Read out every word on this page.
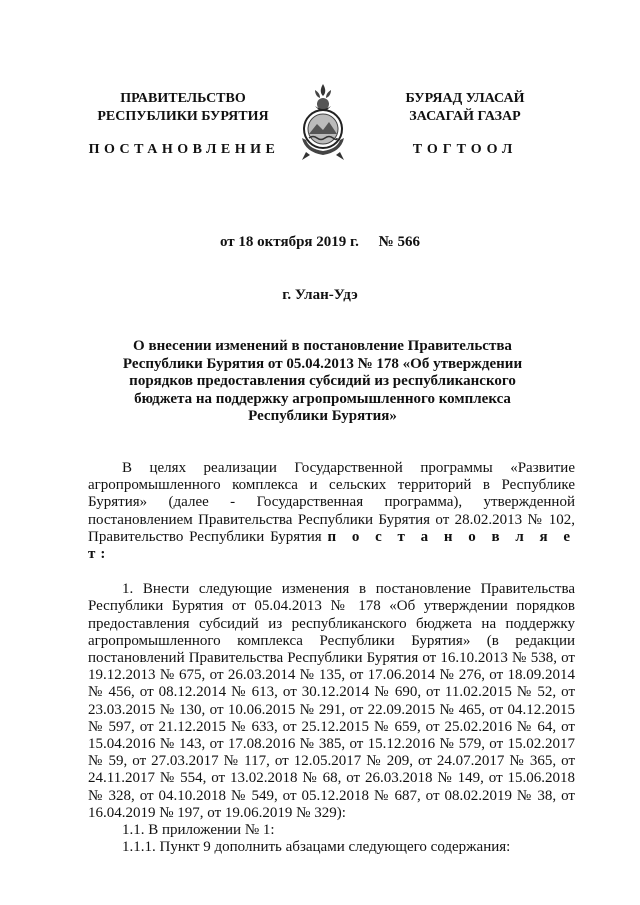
ПРАВИТЕЛЬСТВО
РЕСПУБЛИКИ БУРЯТИЯ
БУРЯАД УЛАСАЙ
ЗАСАГАЙ ГАЗАР
ПОСТАНОВЛЕНИЕ	ТОГТООЛ
от 18 октября 2019 г. № 566
г. Улан-Удэ
О внесении изменений в постановление Правительства Республики Бурятия от 05.04.2013 № 178 «Об утверждении порядков предоставления субсидий из республиканского бюджета на поддержку агропромышленного комплекса Республики Бурятия»

В целях реализации Государственной программы «Развитие агропромышленного комплекса и сельских территорий в Республике Бурятия» (далее - Государственная программа), утвержденной постановлением Правительства Республики Бурятия от 28.02.2013 № 102, Правительство Республики Бурятия п о с т а н о в л я е т:

1. Внести следующие изменения в постановление Правительства Республики Бурятия от 05.04.2013 № 178 «Об утверждении порядков предоставления субсидий из республиканского бюджета на поддержку агропромышленного комплекса Республики Бурятия» (в редакции постановлений Правительства Республики Бурятия от 16.10.2013 № 538, от 19.12.2013 № 675, от 26.03.2014 № 135, от 17.06.2014 № 276, от 18.09.2014 № 456, от 08.12.2014 № 613, от 30.12.2014 № 690, от 11.02.2015 № 52, от 23.03.2015 № 130, от 10.06.2015 № 291, от 22.09.2015 № 465, от 04.12.2015 № 597, от 21.12.2015 № 633, от 25.12.2015 № 659, от 25.02.2016 № 64, от 15.04.2016 № 143, от 17.08.2016 № 385, от 15.12.2016 № 579, от 15.02.2017 № 59, от 27.03.2017 № 117, от 12.05.2017 № 209, от 24.07.2017 № 365, от 24.11.2017 № 554, от 13.02.2018 № 68, от 26.03.2018 № 149, от 15.06.2018 № 328, от 04.10.2018 № 549, от 05.12.2018 № 687, от 08.02.2019 № 38, от 16.04.2019 № 197, от 19.06.2019 № 329):

1.1. В приложении № 1:

1.1.1. Пункт 9 дополнить абзацами следующего содержания:
